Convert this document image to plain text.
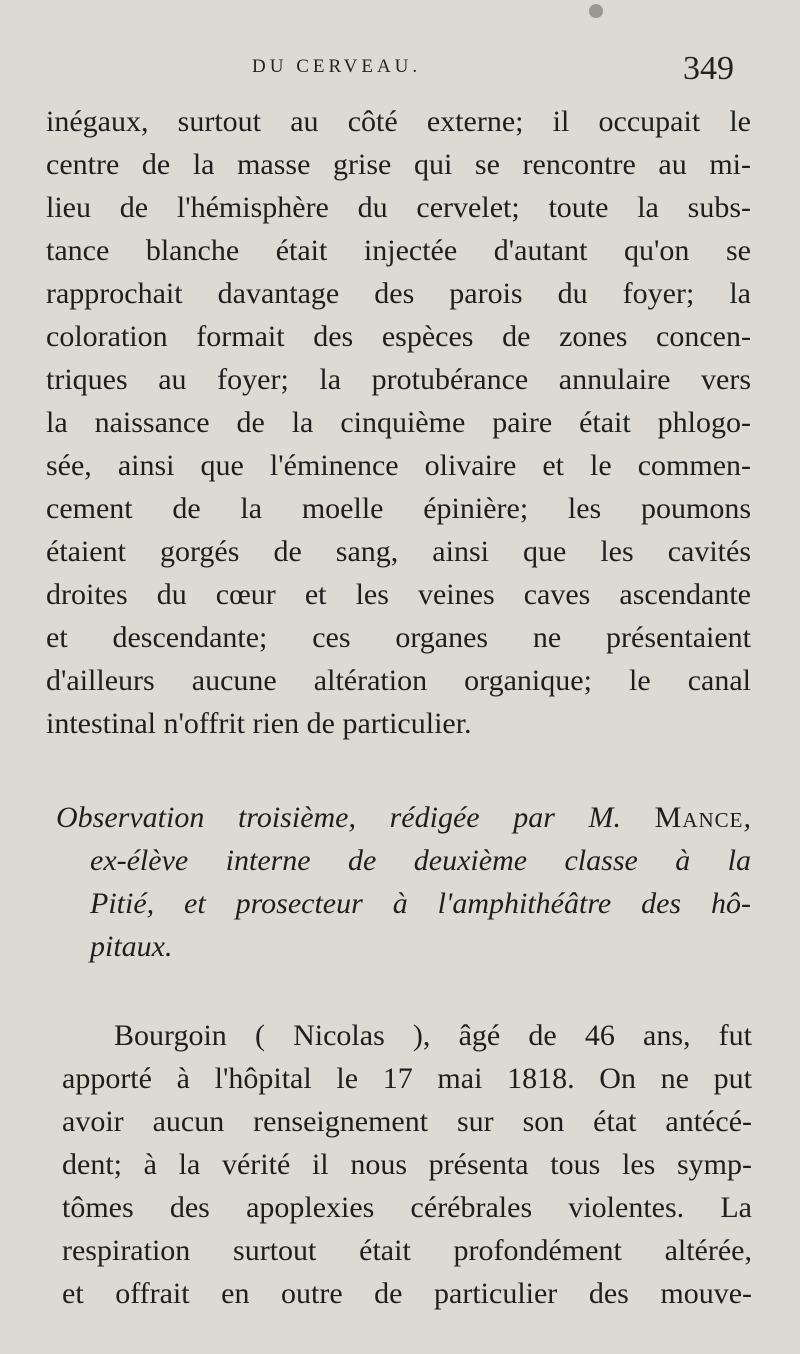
DU CERVEAU.	349
inégaux, surtout au côté externe; il occupait le
centre de la masse grise qui se rencontre au mi-
lieu de l'hémisphère du cervelet; toute la subs-
tance blanche était injectée d'autant qu'on se
rapprochait davantage des parois du foyer; la
coloration formait des espèces de zones concen-
triques au foyer; la protubérance annulaire vers
la naissance de la cinquième paire était phlogo-
sée, ainsi que l'éminence olivaire et le commen-
cement de la moelle épinière; les poumons
étaient gorgés de sang, ainsi que les cavités
droites du cœur et les veines caves ascendante
et descendante; ces organes ne présentaient
d'ailleurs aucune altération organique; le canal
intestinal n'offrit rien de particulier.
Observation troisième, rédigée par M. Mance,
ex-élève interne de deuxième classe à la
Pitié, et prosecteur à l'amphithéâtre des hô-
pitaux.
Bourgoin ( Nicolas ), âgé de 46 ans, fut
apporté à l'hôpital le 17 mai 1818. On ne put
avoir aucun renseignement sur son état antécé-
dent; à la vérité il nous présenta tous les symp-
tômes des apoplexies cérébrales violentes. La
respiration surtout était profondément altérée,
et offrait en outre de particulier des mouve-
